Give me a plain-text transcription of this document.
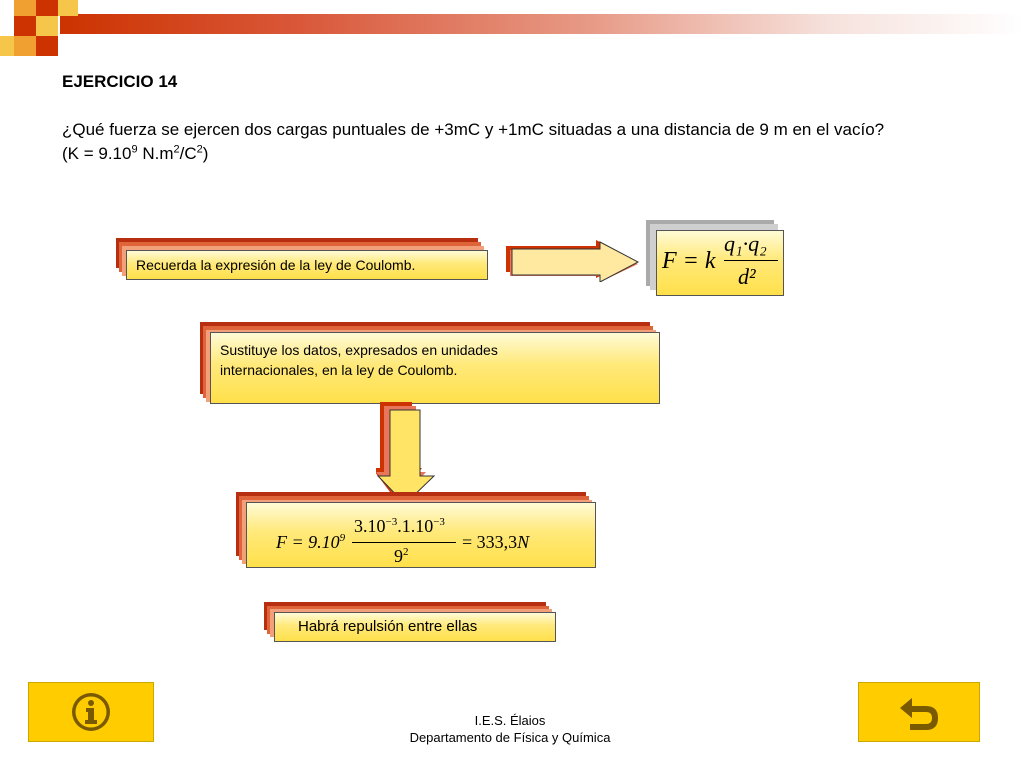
EJERCICIO 14
¿Qué fuerza se ejercen dos cargas puntuales de +3mC y +1mC situadas a una distancia de 9 m en el vacío?
($K = 9.10^9$ $N.m^2/C^2$)
Recuerda la expresión de la ley de Coulomb.	F = k
q₁·q₂
d²
Sustituye los datos, expresados en unidades
internacionales, en la ley de Coulomb.
$F = 9.10^9$
$3.10^{-3}.1.10^{-3}$
$9^2$	= 333,3N
Habrá repulsión entre ellas
I.E.S. Élaios
Departamento de Física y Química
